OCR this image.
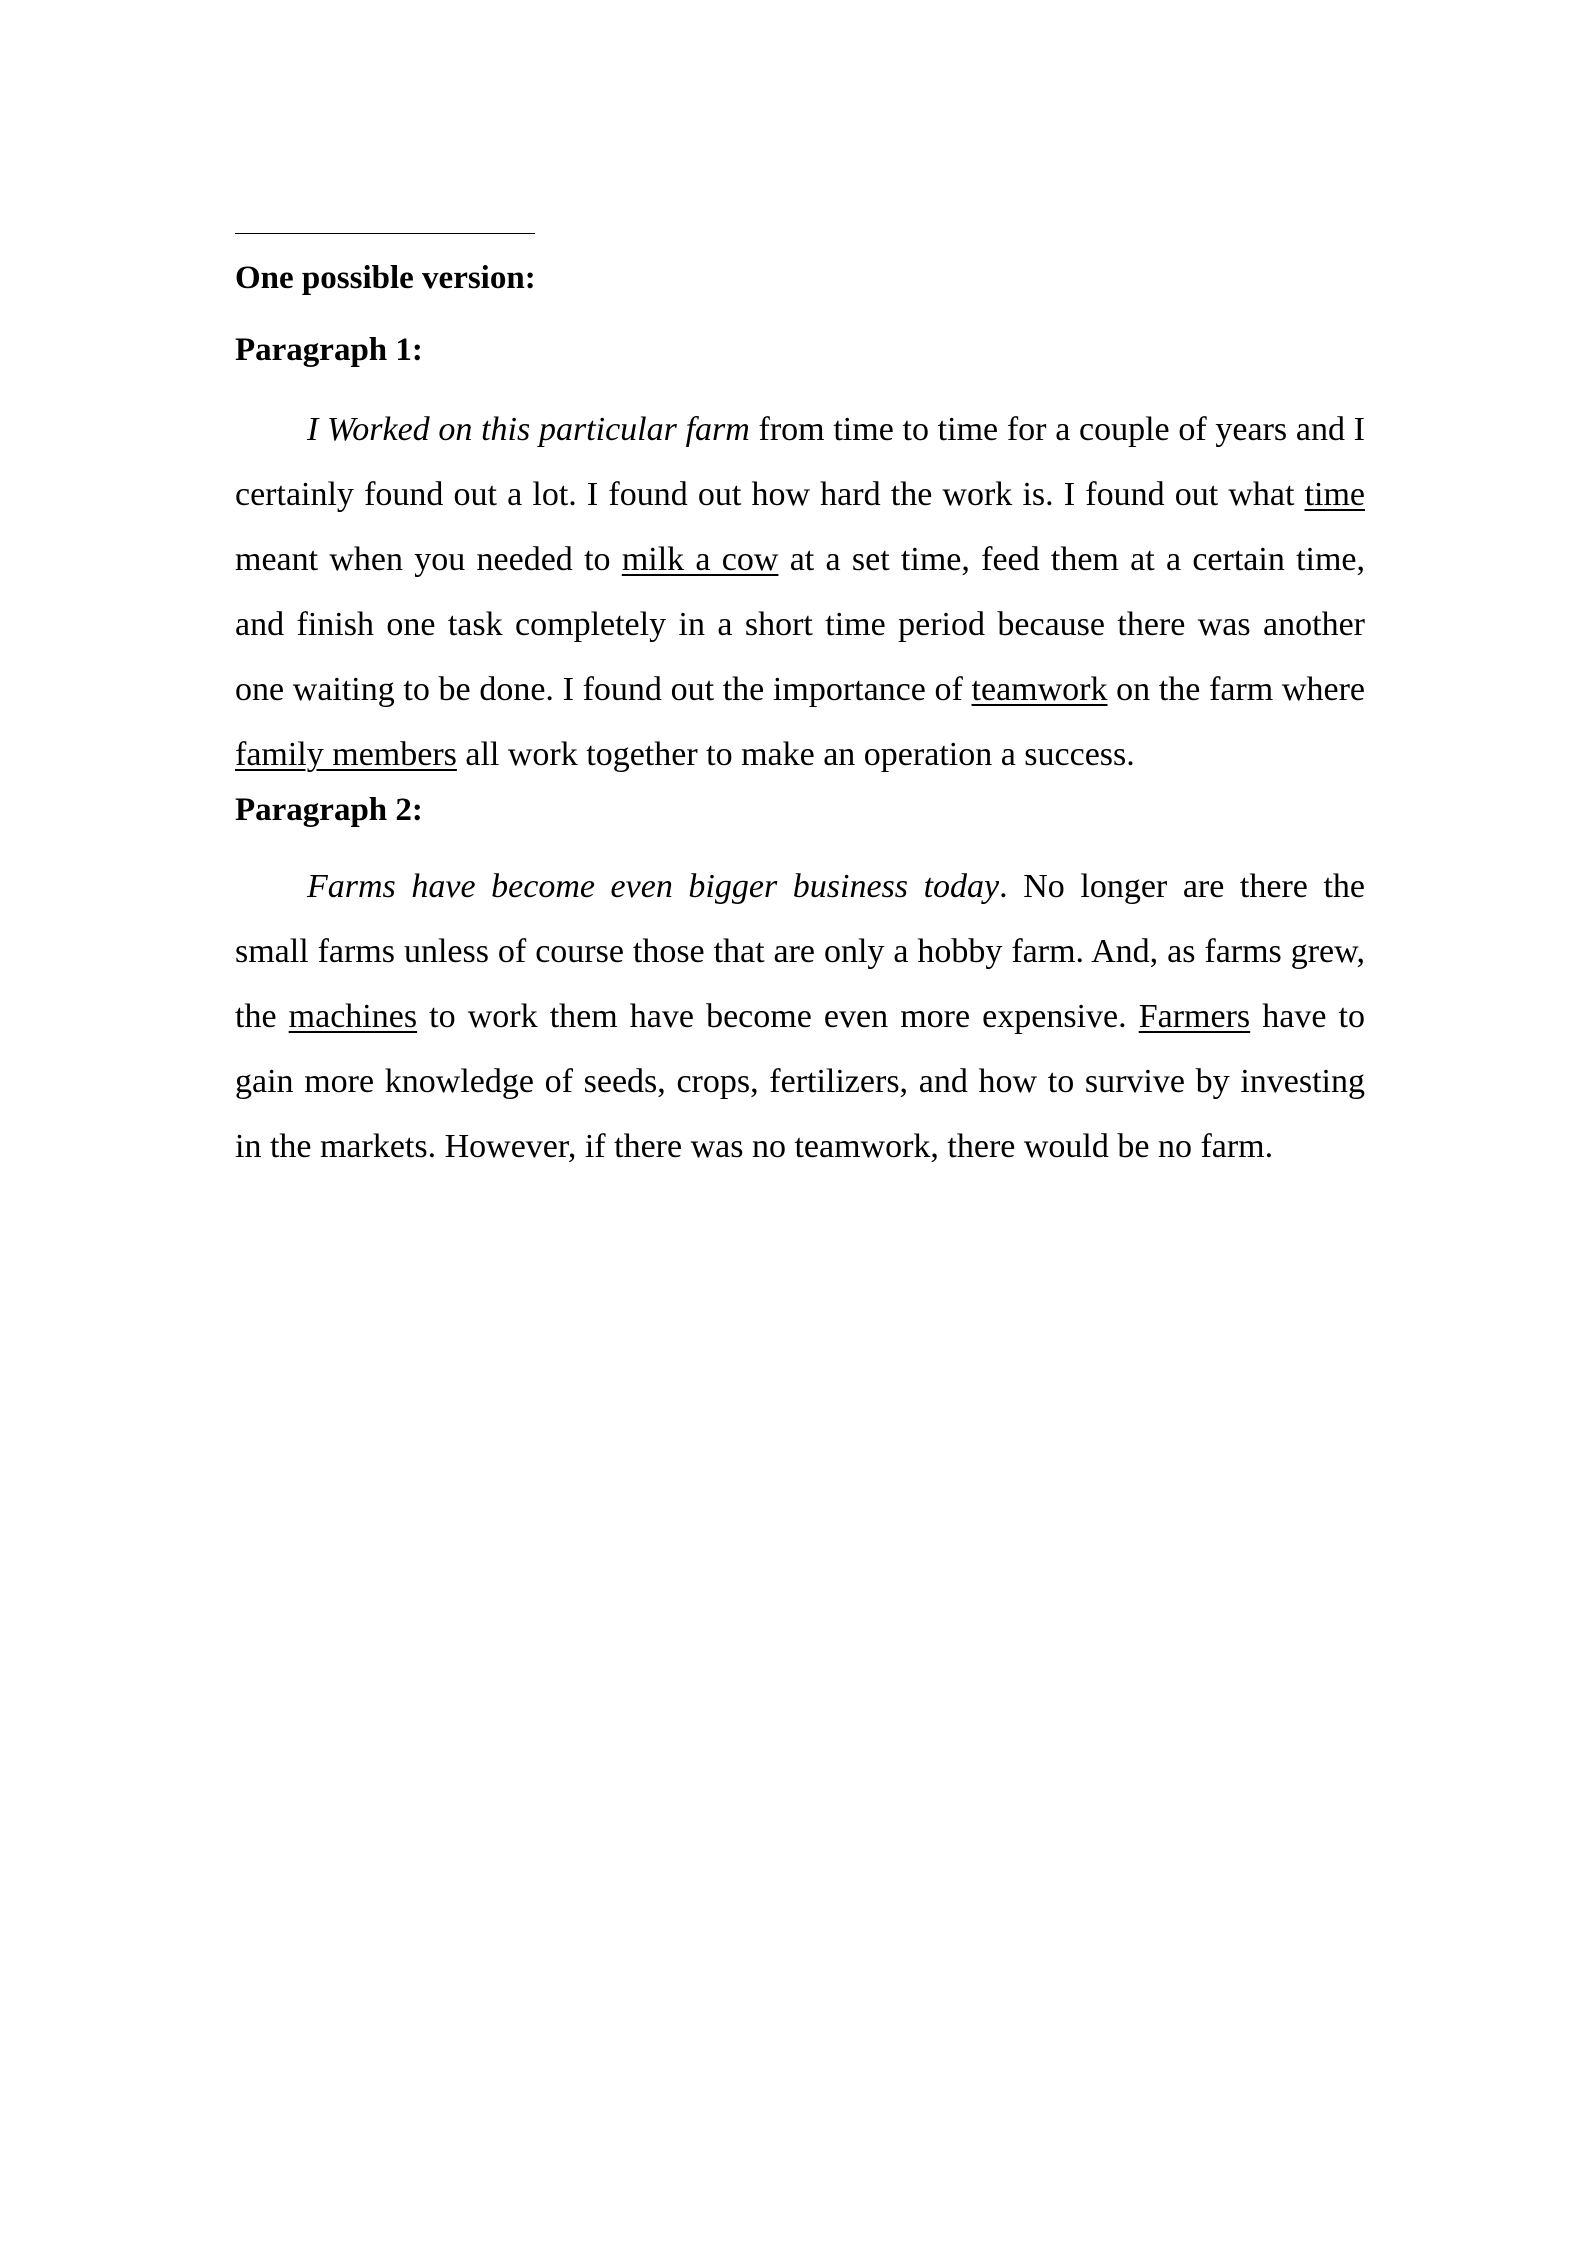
One possible version:

Paragraph 1:

I Worked on this particular farm from time to time for a couple of years and I certainly found out a lot. I found out how hard the work is. I found out what time meant when you needed to milk a cow at a set time, feed them at a certain time, and finish one task completely in a short time period because there was another one waiting to be done. I found out the importance of teamwork on the farm where family members all work together to make an operation a success.

Paragraph 2:

Farms have become even bigger business today. No longer are there the small farms unless of course those that are only a hobby farm. And, as farms grew, the machines to work them have become even more expensive. Farmers have to gain more knowledge of seeds, crops, fertilizers, and how to survive by investing in the markets. However, if there was no teamwork, there would be no farm.
